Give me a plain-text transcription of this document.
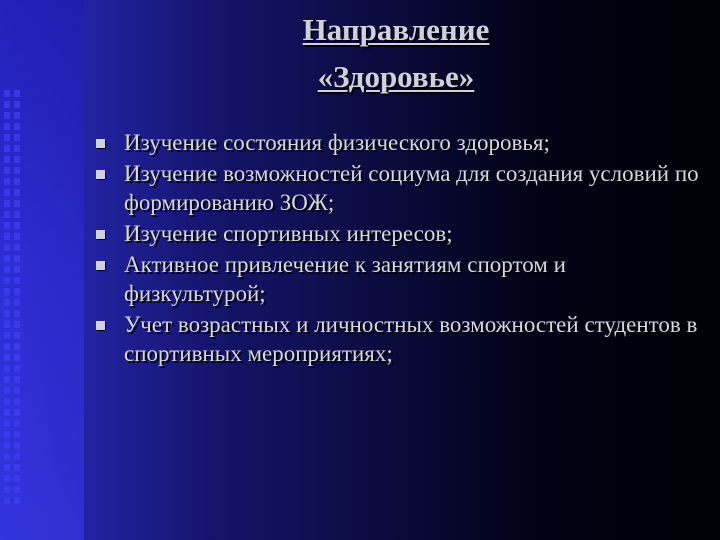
Направление
«Здоровье»
Изучение состояния физического здоровья;
Изучение возможностей социума для создания условий по формированию ЗОЖ;
Изучение спортивных интересов;
Активное привлечение к занятиям спортом и физкультурой;
Учет возрастных и личностных возможностей студентов в спортивных мероприятиях;
